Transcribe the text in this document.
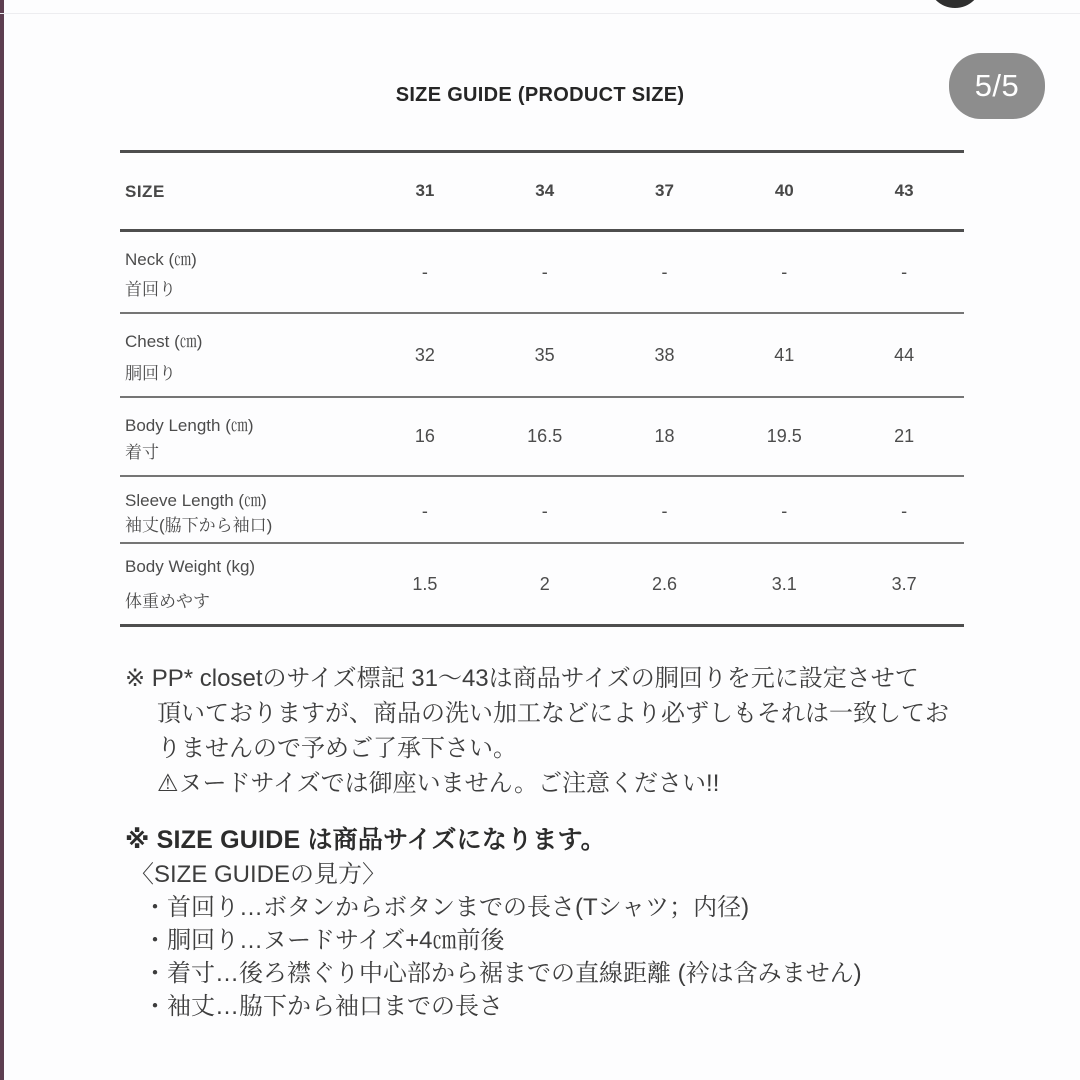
SIZE GUIDE (PRODUCT SIZE)	5/5
SIZE	31	34	37	40	43
Neck (㎝)
首回り
-	-	-	-	-
Chest (㎝)
胴回り
32	35	38	41	44
Body Length (㎝)
着寸
16	16.5	18	19.5	21
Sleeve Length (㎝)
袖丈(脇下から袖口)
-	-	-	-	-
Body Weight (kg)
体重めやす
1.5	2	2.6	3.1	3.7
※ PP* closetのサイズ標記 31〜43は商品サイズの胴回りを元に設定させて
頂いておりますが、商品の洗い加工などにより必ずしもそれは一致してお
りませんので予めご了承下さい。
⚠ヌードサイズでは御座いません。ご注意ください!!
※ SIZE GUIDE は商品サイズになります。
〈SIZE GUIDEの見方〉
・首回り…ボタンからボタンまでの長さ(Tシャツ；内径)
・胴回り…ヌードサイズ+4㎝前後
・着寸…後ろ襟ぐり中心部から裾までの直線距離 (衿は含みません)
・袖丈…脇下から袖口までの長さ
